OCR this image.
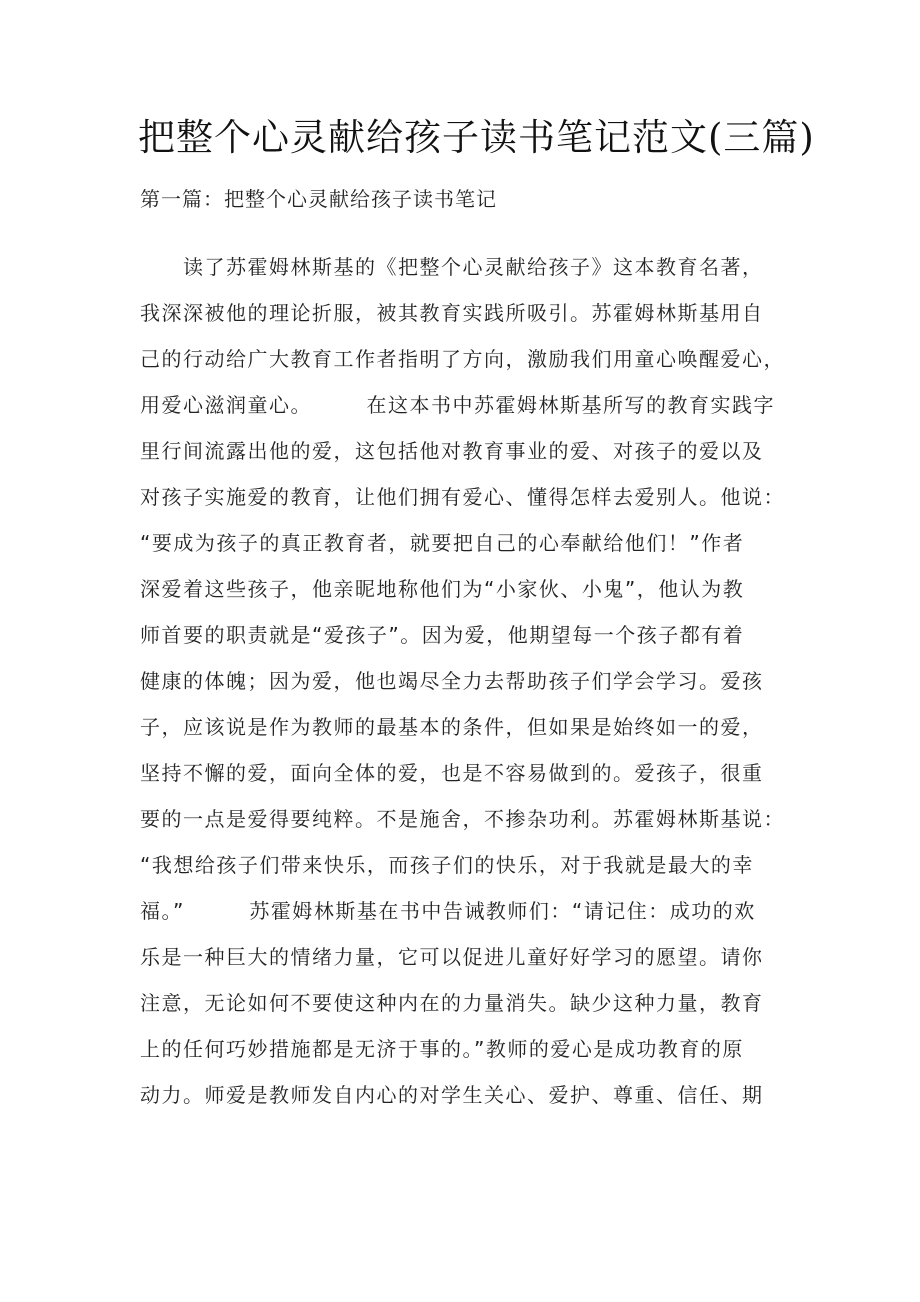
把整个心灵献给孩子读书笔记范文(三篇)
第一篇：把整个心灵献给孩子读书笔记
　　读了苏霍姆林斯基的《把整个心灵献给孩子》这本教育名著，
我深深被他的理论折服，被其教育实践所吸引。苏霍姆林斯基用自
己的行动给广大教育工作者指明了方向，激励我们用童心唤醒爱心，
用爱心滋润童心。　　　在这本书中苏霍姆林斯基所写的教育实践字
里行间流露出他的爱，这包括他对教育事业的爱、对孩子的爱以及
对孩子实施爱的教育，让他们拥有爱心、懂得怎样去爱别人。他说：
“要成为孩子的真正教育者，就要把自己的心奉献给他们！”作者
深爱着这些孩子，他亲昵地称他们为“小家伙、小鬼”，他认为教
师首要的职责就是“爱孩子”。因为爱，他期望每一个孩子都有着
健康的体魄；因为爱，他也竭尽全力去帮助孩子们学会学习。爱孩
子，应该说是作为教师的最基本的条件，但如果是始终如一的爱，
坚持不懈的爱，面向全体的爱，也是不容易做到的。爱孩子，很重
要的一点是爱得要纯粹。不是施舍，不掺杂功利。苏霍姆林斯基说：
“我想给孩子们带来快乐，而孩子们的快乐，对于我就是最大的幸
福。”　　　苏霍姆林斯基在书中告诫教师们：“请记住：成功的欢
乐是一种巨大的情绪力量，它可以促进儿童好好学习的愿望。请你
注意，无论如何不要使这种内在的力量消失。缺少这种力量，教育
上的任何巧妙措施都是无济于事的。”教师的爱心是成功教育的原
动力。师爱是教师发自内心的对学生关心、爱护、尊重、信任、期
